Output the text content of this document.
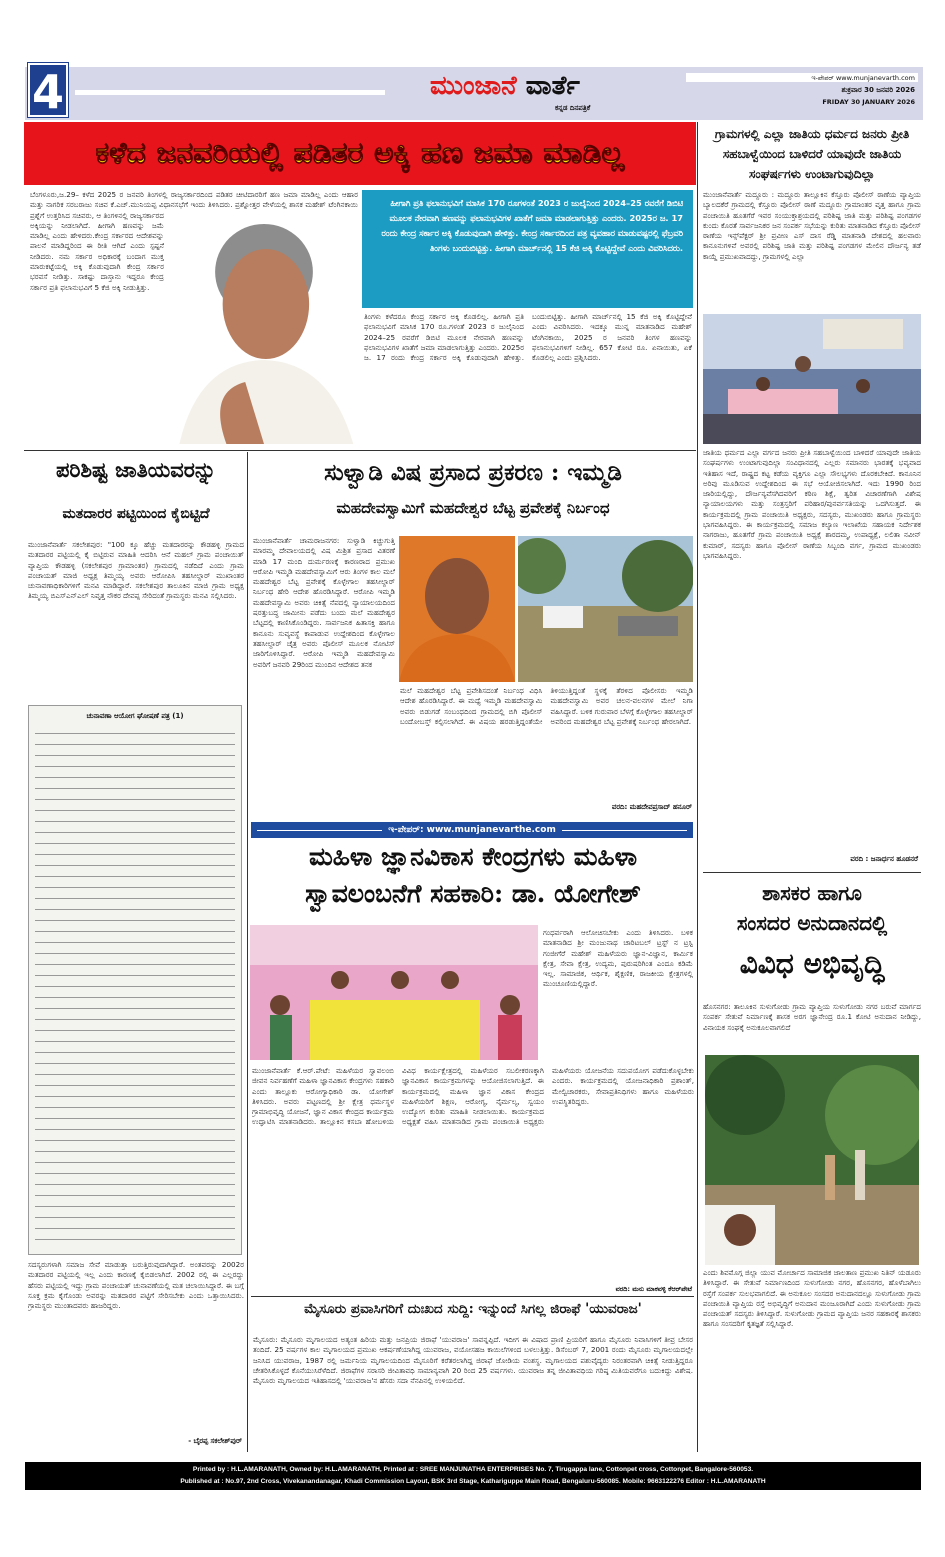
4	ಮುಂಜಾನೆ ವಾರ್ತೆ
ಕನ್ನಡ ದಿನಪತ್ರಿಕೆ
ಇ-ಪೇಪರ್ www.munjanevarth.com
ಶುಕ್ರವಾರ 30 ಜನವರಿ 2026
FRIDAY 30 JANUARY 2026
ಕಳೆದ ಜನವರಿಯಲ್ಲಿ ಪಡಿತರ ಅಕ್ಕಿ ಹಣ ಜಮಾ ಮಾಡಿಲ್ಲ
ಬೆಂಗಳೂರು,ಜ.29– ಕಳೆದ 2025 ರ ಜನವರಿ ತಿಂಗಳಲ್ಲಿ ರಾಜ್ಯಸರ್ಕಾರದಿಂದ ಪಡಿತರ ಚೀಟಿದಾರರಿಗೆ ಹಣ ಜಮಾ ಮಾಡಿಲ್ಲ ಎಂದು ಆಹಾರ ಮತ್ತು ನಾಗರಿಕ ಸರಬರಾಜು ಸಚಿವ ಕೆ.ಎಚ್.ಮುನಿಯಪ್ಪ ವಿಧಾನಸಭೆಗೆ ಇಂದು ತಿಳಿಸಿದರು. ಪ್ರಶ್ನೋತ್ತರ ವೇಳೆಯಲ್ಲಿ ಶಾಸಕ ಮಹೇಶ್ ಟೆಂಗಿನಕಾಯಿ ಪ್ರಶ್ನೆಗೆ ಉತ್ತರಿಸಿದ ಸಚಿವರು, ಆ ತಿಂಗಳಿನಲ್ಲಿ ರಾಜ್ಯಸರ್ಕಾರದ ಅಕ್ಕಿಯನ್ನು ನೀಡಲಾಗಿದೆ. ಹೀಗಾಗಿ ಹಣವನ್ನು ಜಮೆ ಮಾಡಿಲ್ಲ ಎಂದು ಹೇಳಿದರು.ಕೇಂದ್ರ ಸರ್ಕಾರದ ಆದೇಶವನ್ನು ಪಾಲನೆ ಮಾಡಿದ್ದರಿಂದ ಈ ರೀತಿ ಆಗಿದೆ ಎಂದು ಸ್ಪಷ್ಟನೆ ನೀಡಿದರು. ನಮ ಸರ್ಕಾರ ಅಧಿಕಾರಕ್ಕೆ ಬಂದಾಗ ಮುಕ್ತ ಮಾರುಕಟ್ಟೆಯಲ್ಲಿ ಅಕ್ಕಿ ಕೊಡುವುದಾಗಿ ಕೇಂದ್ರ ಸರ್ಕಾರ ಭರವಸೆ ನೀಡಿತ್ತು. ಸಾಕಷ್ಟು ದಾಸ್ತಾನು ಇದ್ದರೂ ಕೇಂದ್ರ ಸರ್ಕಾರ ಪ್ರತಿ ಫಲಾನುಭವಿಗೆ 5 ಕೆಜಿ ಅಕ್ಕಿ ನೀಡುತ್ತಿತ್ತು.
ಹೀಗಾಗಿ ಪ್ರತಿ ಫಲಾನುಭವಿಗೆ ಮಾಸಿಕ 170 ರೂಗಳಂತೆ 2023 ರ ಜುಲೈನಿಂದ 2024–25 ರವರೆಗೆ ಡಿಬಿಟಿ ಮೂಲಕ ನೇರವಾಗಿ ಹಣವನ್ನು ಫಲಾನುಭವಿಗಳ ಖಾತೆಗೆ ಜಮಾ ಮಾಡಲಾಗುತ್ತಿತ್ತು ಎಂದರು. 2025ರ ಜ. 17 ರಂದು ಕೇಂದ್ರ ಸರ್ಕಾರ ಅಕ್ಕಿ ಕೊಡುವುದಾಗಿ ಹೇಳಿತ್ತು. ಕೇಂದ್ರ ಸರ್ಕಾರದಿಂದ ಪತ್ರ ವ್ಯವಹಾರ ಮಾಡುವಷ್ಟರಲ್ಲಿ ಫೆಬ್ರವರಿ ತಿಂಗಳು ಬಂದುಬಿಟ್ಟಿತ್ತು. ಹೀಗಾಗಿ ಮಾರ್ಚ್‌ನಲ್ಲಿ 15 ಕೆಜಿ ಅಕ್ಕಿ ಕೊಟ್ಟಿದ್ದೇವೆ ಎಂದು ವಿವರಿಸಿದರು.
ತಿಂಗಳು ಕಳೆದರೂ ಕೇಂದ್ರ ಸರ್ಕಾರ ಅಕ್ಕಿ ಕೊಡಲಿಲ್ಲ. ಹೀಗಾಗಿ ಪ್ರತಿ ಫಲಾನುಭವಿಗೆ ಮಾಸಿಕ 170 ರೂ.ಗಳಂತೆ 2023 ರ ಜುಲೈನಿಂದ 2024–25 ರವರೆಗೆ ಡಿಬಿಟಿ ಮೂಲಕ ನೇರವಾಗಿ ಹಣವನ್ನು ಫಲಾನುಭವಿಗಳ ಖಾತೆಗೆ ಜಮಾ ಮಾಡಲಾಗುತ್ತಿತ್ತು ಎಂದರು. 2025ರ ಜ. 17 ರಂದು ಕೇಂದ್ರ ಸರ್ಕಾರ ಅಕ್ಕಿ ಕೊಡುವುದಾಗಿ ಹೇಳಿತ್ತು. ಬಂದುಬಿಟ್ಟಿತ್ತು. ಹೀಗಾಗಿ ಮಾರ್ಚ್‌ನಲ್ಲಿ 15 ಕೆಜಿ ಅಕ್ಕಿ ಕೊಟ್ಟಿದ್ದೇವೆ ಎಂದು ವಿವರಿಸಿದರು. ಇದಕ್ಕೂ ಮುನ್ನ ಮಾತನಾಡಿದ ಮಹೇಶ್ ಟೆಂಗಿನಕಾಯಿ, 2025 ರ ಜನವರಿ ತಿಂಗಳ ಹಣವನ್ನು ಫಲಾನುಭವಿಗಳಿಗೆ ನೀಡಿಲ್ಲ. 657 ಕೋಟಿ ರೂ. ಏನಾಯಿತು, ಏಕೆ ಕೊಡಲಿಲ್ಲ ಎಂದು ಪ್ರಶ್ನಿಸಿದರು.
ಗ್ರಾಮಗಳಲ್ಲಿ ಎಲ್ಲಾ ಜಾತಿಯ ಧರ್ಮದ ಜನರು ಪ್ರೀತಿ ಸಹಬಾಳ್ವೆಯಿಂದ ಬಾಳಿದರೆ ಯಾವುದೇ ಜಾತಿಯ ಸಂಘರ್ಷಗಳು ಉಂಟಾಗುವುದಿಲ್ಲಾ
ಮುಂಜಾನೆವಾರ್ತೆ ಮದ್ದೂರು : ಮದ್ದೂರು ತಾಲ್ಲೂಕಿನ ಕೆಸ್ತೂರು ಪೊಲೀಸ್ ಠಾಣೆಯ ವ್ಯಾಪ್ತಿಯ ಬ್ಯಾಲದಕೆರೆ ಗ್ರಾಮದಲ್ಲಿ ಕೆಸ್ತೂರು ಪೊಲೀಸ್ ಠಾಣೆ ಮದ್ದೂರು ಗ್ರಾಮಾಂತರ ವೃತ್ತ ಹಾಗೂ ಗ್ರಾಮ ಪಂಚಾಯಿತಿ ಹೂತಗೆರೆ ಇವರ ಸಂಯುಕ್ತಾಶ್ರಯದಲ್ಲಿ ಪರಿಶಿಷ್ಟ ಜಾತಿ ಮತ್ತು ಪರಿಶಿಷ್ಟ ಪಂಗಡಗಳ ಕುಂದು ಕೊರತೆ ಸಾರ್ವಜನಿಕರ ಜನ ಸಂಪರ್ಕ ಸಭೆಯನ್ನು ಕುರಿತು ಮಾತನಾಡಿದ ಕೆಸ್ತೂರು ಪೊಲೀಸ್ ಠಾಣೆಯ ಇನ್ಸ್‌ಪೆಕ್ಟರ್ ಶ್ರೀ ಪ್ರವೀಣ ಎಸ್ ದಾಸ ರೆಡ್ಡಿ ಮಾತನಾಡಿ ದೇಶದಲ್ಲಿ ಹಲವಾರು ಕಾನೂನುಗಳಿವೆ ಅವರಲ್ಲಿ ಪರಿಶಿಷ್ಟ ಜಾತಿ ಮತ್ತು ಪರಿಶಿಷ್ಟ ಪಂಗಡಗಳ ಮೇಲಿನ ದೌರ್ಜನ್ಯ ತಡೆ ಕಾಯ್ದೆ ಪ್ರಮುಖವಾದದ್ದು, ಗ್ರಾಮಗಳಲ್ಲಿ ಎಲ್ಲಾ
ಜಾತಿಯ ಧರ್ಮದ ಎಲ್ಲಾ ವರ್ಗದ ಜನರು ಪ್ರೀತಿ ಸಹಬಾಳ್ವೆಯಿಂದ ಬಾಳಿದರೆ ಯಾವುದೇ ಜಾತಿಯ ಸಂಘರ್ಷಗಳು ಉಂಟಾಗುವುದಿಲ್ಲಾ ಸಂವಿಧಾನದಲ್ಲಿ ಎಲ್ಲರು ಸಮಾನರು ಭಾರತಕ್ಕೆ ಭವ್ಯವಾದ ಇತಿಹಾಸ ಇದೆ, ರಾಷ್ಟ್ರದ ಕಟ್ಟ ಕಡೆಯ ವ್ಯಕ್ತಿಗೂ ಎಲ್ಲಾ ಸೌಲಭ್ಯಗಳು ದೊರಕಬೇಕಿದೆ. ಕಾನೂನಿನ ಅರಿವು ಮೂಡಿಸುವ ಉದ್ದೇಶದಿಂದ ಈ ಸಭೆ ಆಯೋಜಿಸಲಾಗಿದೆ. ಇದು 1990 ರಿಂದ ಜಾರಿಯಲ್ಲಿದ್ದು, ದೌರ್ಜನ್ಯವೆಸಗಿದವರಿಗೆ ಕಠಿಣ ಶಿಕ್ಷೆ, ತ್ವರಿತ ವಿಚಾರಣೆಗಾಗಿ ವಿಶೇಷ ನ್ಯಾಯಾಲಯಗಳು ಮತ್ತು ಸಂತ್ರಸ್ತರಿಗೆ ಪರಿಹಾರ/ಪುನರ್ವಸತಿಯನ್ನು ಒದಗಿಸುತ್ತದೆ. ಈ ಕಾರ್ಯಕ್ರಮದಲ್ಲಿ ಗ್ರಾಮ ಪಂಚಾಯಿತಿ ಅಧ್ಯಕ್ಷರು, ಸದಸ್ಯರು, ಮುಖಂಡರು ಹಾಗೂ ಗ್ರಾಮಸ್ಥರು ಭಾಗವಹಿಸಿದ್ದರು. ಈ ಕಾರ್ಯಕ್ರಮದಲ್ಲಿ ಸಮಾಜ ಕಲ್ಯಾಣ ಇಲಾಖೆಯ ಸಹಾಯಕ ನಿರ್ದೇಶಕ ನಾಗರಾಜು, ಹೂತಗೆರೆ ಗ್ರಾಮ ಪಂಚಾಯಿತಿ ಅಧ್ಯಕ್ಷೆ ಶಾರದಮ್ಮ, ಉಪಾಧ್ಯಕ್ಷೆ, ಲಲಿತಾ ನವೀನ್ ಕುಮಾರ್, ಸದಸ್ಯರು ಹಾಗೂ ಪೊಲೀಸ್ ಠಾಣೆಯ ಸಿಬ್ಬಂದಿ ವರ್ಗ, ಗ್ರಾಮದ ಮುಖಂಡರು ಭಾಗವಹಿಸಿದ್ದರು.
ವರದಿ : ಜನಾರ್ಧನ ಹೂಡನರೆ
ಶಾಸಕರ ಹಾಗೂ
ಸಂಸದರ ಅನುದಾನದಲ್ಲಿ
ವಿವಿಧ ಅಭಿವೃದ್ಧಿ
ಹೊಸನಗರ: ತಾಲೂಕಿನ ಸುಳುಗೋಡು ಗ್ರಾಮ ವ್ಯಾಪ್ತಿಯ ಸುಳುಗೋಡು ನಗರ ಬರುವೆ ಮಾರ್ಗದ ಸಂಪರ್ಕ ಸೇತುವೆ ನಿರ್ಮಾಣಕ್ಕೆ ಶಾಸಕ ಅರಗ ಜ್ಞಾನೇಂದ್ರ ರೂ.1 ಕೋಟಿ ಅನುದಾನ ನೀಡಿದ್ದು, ವಿನಾಯಕ ಸಂಘಕ್ಕೆ ಅನುಕೂಲವಾಗಲಿದೆ
ಎಂದು ಶಿವಮೊಗ್ಗ ಜಿಲ್ಲಾ ಯುವ ಮೋರ್ಚಾದ ಸಾಮಾಜಿಕ ಜಾಲತಾಣ ಪ್ರಮುಖ ನಿತಿನ್ ಯಡೂರು ತಿಳಿಸಿದ್ದಾರೆ. ಈ ಸೇತುವೆ ನಿರ್ಮಾಣದಿಂದ ಸುಳುಗೋಡು ನಗರ, ಹೊಸನಗರ, ಹೊಳೆಬಾಗಿಲು ರಸ್ತೆಗೆ ಸಂಪರ್ಕ ಸುಲಭವಾಗಲಿದೆ. ಈ ಅನುಕೂಲ ಸಂಸದರ ಅನುದಾನದಲ್ಲೂ ಸುಳುಗೋಡು ಗ್ರಾಮ ಪಂಚಾಯಿತಿ ವ್ಯಾಪ್ತಿಯ ರಸ್ತೆ ಅಭಿವೃದ್ಧಿಗೆ ಅನುದಾನ ಮಂಜೂರಾಗಿದೆ ಎಂದು ಸುಳುಗೋಡು ಗ್ರಾಮ ಪಂಚಾಯತ್ ಸದಸ್ಯರು ತಿಳಿಸಿದ್ದಾರೆ. ಸುಳುಗೋಡು ಗ್ರಾಮದ ವ್ಯಾಪ್ತಿಯ ಜನರ ಸಹಕಾರಕ್ಕೆ ಶಾಸಕರು ಹಾಗೂ ಸಂಸದರಿಗೆ ಕೃತಜ್ಞತೆ ಸಲ್ಲಿಸಿದ್ದಾರೆ.
ಪರಿಶಿಷ್ಟ ಜಾತಿಯವರನ್ನು
ಮತದಾರರ ಪಟ್ಟಿಯಿಂದ ಕೈಬಿಟ್ಟಿದೆ
ಮುಂಜಾನೆವಾರ್ತೆ ಸಕಲೇಶಪುರ: "100 ಕ್ಕೂ ಹೆಚ್ಚು ಮತದಾರರನ್ನು ಕೌಡಹಳ್ಳಿ ಗ್ರಾಮದ ಮತದಾರರ ಪಟ್ಟಿಯಲ್ಲಿ ಕೈ ಬಿಟ್ಟಿರುವ ಮಾಹಿತಿ ಆದರಿಸಿ ಆನೆ ಮಹಲ್ ಗ್ರಾಮ ಪಂಚಾಯಿತ್ ವ್ಯಾಪ್ತಿಯ ಕೌಡಹಳ್ಳಿ (ಸಕಲೇಶಪುರ ಗ್ರಾಮಾಂತರ) ಗ್ರಾಮದಲ್ಲಿ ನಡೆದಿದೆ ಎಂದು ಗ್ರಾಮ ಪಂಚಾಯತ್ ಮಾಜಿ ಅಧ್ಯಕ್ಷ ತಿಮ್ಮಯ್ಯ ಅವರು ಆರೋಪಿಸಿ ತಹಸೀಲ್ದಾರ್ ಮುಖಾಂತರ ಚುನಾವಣಾಧಿಕಾರಿಗಳಿಗೆ ಮನವಿ ಮಾಡಿದ್ದಾರೆ. ಸಕಲೇಶಪುರ ತಾಲೂಕಿನ ಮಾಜಿ ಗ್ರಾಮ ಅಧ್ಯಕ್ಷ ತಿಮ್ಮಯ್ಯ ಬಿಎಸ್ಎನ್ಎಲ್ ನಿವೃತ್ತ ನೌಕರ ದೇವಪ್ಪ ಸೇರಿದಂತೆ ಗ್ರಾಮಸ್ಥರು ಮನವಿ ಸಲ್ಲಿಸಿದರು.
ಚುನಾವಣಾ ಆಯೋಗ ಘೋಷಣೆ ಪತ್ರ (1)
ಸದಸ್ಯರುಗಳಾಗಿ ಸಮಾಜ ಸೇವೆ ಮಾಡುತ್ತಾ ಬರುತ್ತಿರುವುದಾಗಿದ್ದಾರೆ. ಅಂತವರನ್ನು 2002ರ ಮತದಾರರ ಪಟ್ಟಿಯಲ್ಲಿ ಇಲ್ಲ ಎಂದು ಕಾರಣಕ್ಕೆ ಕೈಬಿಡಲಾಗಿದೆ. 2002 ರಲ್ಲಿ ಈ ಎಲ್ಲರದ್ದು ಹೆಸರು ಪಟ್ಟಿಯಲ್ಲಿ ಇದ್ದು ಗ್ರಾಮ ಪಂಚಾಯತ್ ಚುನಾವಣೆಯಲ್ಲಿ ಮತ ಚಲಾಯಿಸಿದ್ದಾರೆ. ಈ ಬಗ್ಗೆ ಸೂಕ್ತ ಕ್ರಮ ಕೈಗೊಂಡು ಅವರನ್ನು ಮತದಾರರ ಪಟ್ಟಿಗೆ ಸೇರಿಸಬೇಕು ಎಂದು ಒತ್ತಾಯಿಸಿದರು. ಗ್ರಾಮಸ್ಥರು ಮುಂತಾದವರು ಹಾಜರಿದ್ದರು.
- ಬೈರಪ್ಪ ಸಕಲೇಶ್‌ಪುರ್
ಸುಳ್ವಾಡಿ ವಿಷ ಪ್ರಸಾದ ಪ್ರಕರಣ : ಇಮ್ಮಡಿ
ಮಹದೇವಸ್ವಾಮಿಗೆ ಮಹದೇಶ್ವರ ಬೆಟ್ಟ ಪ್ರವೇಶಕ್ಕೆ ನಿರ್ಬಂಧ
ಮುಂಜಾನೆವಾರ್ತೆ ಚಾಮರಾಜನಗರ: ಸುಳ್ವಾಡಿ ಕಿಚ್ಚುಗುತ್ತಿ ಮಾರಮ್ಮ ದೇವಾಲಯದಲ್ಲಿ ವಿಷ ಮಿಶ್ರಿತ ಪ್ರಸಾದ ವಿತರಣೆ ಮಾಡಿ 17 ಮಂದಿ ದುರ್ಮರಣಕ್ಕೆ ಕಾರಣರಾದ ಪ್ರಮುಖ ಆರೋಪಿ ಇಮ್ಮಡಿ ಮಹದೇವಸ್ವಾಮಿಗೆ ಆರು ತಿಂಗಳ ಕಾಲ ಮಲೆ ಮಹದೇಶ್ವರ ಬೆಟ್ಟ ಪ್ರವೇಶಕ್ಕೆ ಕೊಳ್ಳೇಗಾಲ ತಹಸೀಲ್ದಾರ್ ನಿರ್ಬಂಧ ಹೇರಿ ಆದೇಶ ಹೊರಡಿಸಿದ್ದಾರೆ. ಆರೋಪಿ ಇಮ್ಮಡಿ ಮಹದೇವಸ್ವಾಮಿ ಅವರು ಚಿಕಿತ್ಸೆ ನೆಪದಲ್ಲಿ ನ್ಯಾಯಾಲಯದಿಂದ ಷರತ್ತುಬದ್ಧ ಜಾಮೀನು ಪಡೆದು ಬಂದು ಮಲೆ ಮಹದೇಶ್ವರ ಬೆಟ್ಟದಲ್ಲಿ ಕಾಣಿಸಿಕೊಂಡಿದ್ದರು. ಸಾರ್ವಜನಿಕ ಹಿತಾಸಕ್ತಿ ಹಾಗೂ ಕಾನೂನು ಸುವ್ಯವಸ್ಥೆ ಕಾಪಾಡುವ ಉದ್ದೇಶದಿಂದ ಕೊಳ್ಳೇಗಾಲ ತಹಸೀಲ್ದಾರ್ ಚೈತ್ರ ಅವರು ಪೊಲೀಸ್ ಮೂಲಕ ನೋಟಿಸ್ ಜಾರಿಗೊಳಿಸಿದ್ದಾರೆ. ಆರೋಪಿ ಇಮ್ಮಡಿ ಮಹದೇವಸ್ವಾಮಿ ಅವರಿಗೆ ಜನವರಿ 29ರಿಂದ ಮುಂದಿನ ಆದೇಶದ ತನಕ
ಮಲೆ ಮಹದೇಶ್ವರ ಬೆಟ್ಟ ಪ್ರವೇಶಿಸದಂತೆ ನಿರ್ಬಂಧ ವಿಧಿಸಿ ಆದೇಶ ಹೊರಡಿಸಿದ್ದಾರೆ. ಈ ಮಧ್ಯೆ ಇಮ್ಮಡಿ ಮಹದೇವಸ್ವಾಮಿ ಅವರು ಬಿಡುಗಡೆ ಸಂಬಂಧದಿಂದ ಗ್ರಾಮದಲ್ಲಿ ಬಿಗಿ ಪೊಲೀಸ್ ಬಂದೋಬಸ್ತ್ ಕಲ್ಪಿಸಲಾಗಿದೆ. ಈ ವಿಷಯ ಹರಡುತ್ತಿದ್ದಂತೆಯೇ ತಿಳಿಯುತ್ತಿದ್ದಂತೆ ಸ್ಥಳಕ್ಕೆ ತೆರಳಿದ ಪೊಲೀಸರು ಇಮ್ಮಡಿ ಮಹದೇವಸ್ವಾಮಿ ಅವರ ಚಲನ-ವಲನಗಳ ಮೇಲೆ ನಿಗಾ ವಹಿಸಿದ್ದಾರೆ. ಬಳಿಕ ಗುರುವಾರ ಬೆಳಗ್ಗೆ ಕೊಳ್ಳೇಗಾಲ ತಹಸೀಲ್ದಾರ್ ಅವರಿಂದ ಮಹದೇಶ್ವರ ಬೆಟ್ಟ ಪ್ರವೇಶಕ್ಕೆ ನಿರ್ಬಂಧ ಹೇರಲಾಗಿದೆ.
ವರದಿ: ಮಹದೇವಪ್ರಸಾದ್ ಹನೂರ್
ಇ-ಪೇಪರ್: www.munjanevarthe.com
ಮಹಿಳಾ ಜ್ಞಾನವಿಕಾಸ ಕೇಂದ್ರಗಳು ಮಹಿಳಾ
ಸ್ವಾವಲಂಬನೆಗೆ ಸಹಕಾರಿ: ಡಾ. ಯೋಗೇಶ್
ಗಂಧರ್ವರಾಗಿ ಆಲೋಚಿಸಬೇಕು ಎಂದು ತಿಳಿಸಿದರು. ಬಳಿಕ ಮಾತನಾಡಿದ ಶ್ರೀ ಮಂಜುನಾಥ ಚಾರಿಟಬಲ್ ಟ್ರಸ್ಟ್ ನ ಟ್ರಸ್ಟಿ ಗಂಜೀಗೆರೆ ಮಹೇಶ್ ಮಹಿಳೆಯರು ಜ್ಞಾನ-ವಿಜ್ಞಾನ, ಕಾರ್ಮಿಕ ಕ್ಷೇತ್ರ, ಸೇವಾ ಕ್ಷೇತ್ರ, ಉದ್ಯಮ, ಪುರುಷರಿಗಿಂತ ಎಂದೂ ಕಡಿಮೆ ಇಲ್ಲ. ಸಾಮಾಜಿಕ, ಆರ್ಥಿಕ, ಶೈಕ್ಷಣಿಕ, ರಾಜಕೀಯ ಕ್ಷೇತ್ರಗಳಲ್ಲಿ ಮುಂಚೂಣಿಯಲ್ಲಿದ್ದಾರೆ.
ಮುಂಜಾನೆವಾರ್ತೆ ಕೆ.ಆರ್.ಪೇಟೆ: ಮಹಿಳೆಯರ ಸ್ವಾವಲಂಬಿ ಜೀವನ ನಿರ್ವಹಣೆಗೆ ಮಹಿಳಾ ಜ್ಞಾನವಿಕಾಸ ಕೇಂದ್ರಗಳು ಸಹಕಾರಿ ಎಂದು ತಾಲ್ಲೂಕು ಆರೋಗ್ಯಾಧಿಕಾರಿ ಡಾ. ಯೋಗೇಶ್ ತಿಳಿಸಿದರು. ಅವರು ಪಟ್ಟಣದಲ್ಲಿ ಶ್ರೀ ಕ್ಷೇತ್ರ ಧರ್ಮಸ್ಥಳ ಗ್ರಾಮಾಭಿವೃದ್ಧಿ ಯೋಜನೆ, ಜ್ಞಾನ ವಿಕಾಸ ಕೇಂದ್ರದ ಕಾರ್ಯಕ್ರಮ ಉದ್ಘಾಟಿಸಿ ಮಾತನಾಡಿದರು. ತಾಲ್ಲೂಕಿನ ಕಸಬಾ ಹೋಬಳಿಯ ವಿವಿಧ ಕಾರ್ಯಕ್ಷೇತ್ರದಲ್ಲಿ ಮಹಿಳೆಯರ ಸಬಲೀಕರಣಕ್ಕಾಗಿ ಜ್ಞಾನವಿಕಾಸ ಕಾರ್ಯಕ್ರಮಗಳನ್ನು ಆಯೋಜಿಸಲಾಗುತ್ತಿದೆ. ಈ ಕಾರ್ಯಕ್ರಮದಲ್ಲಿ ಮಹಿಳಾ ಜ್ಞಾನ ವಿಕಾಸ ಕೇಂದ್ರದ ಮಹಿಳೆಯರಿಗೆ ಶಿಕ್ಷಣ, ಆರೋಗ್ಯ, ನೈರ್ಮಲ್ಯ, ಸ್ವಯಂ ಉದ್ಯೋಗ ಕುರಿತು ಮಾಹಿತಿ ನೀಡಲಾಯಿತು. ಕಾರ್ಯಕ್ರಮದ ಅಧ್ಯಕ್ಷತೆ ವಹಿಸಿ ಮಾತನಾಡಿದ ಗ್ರಾಮ ಪಂಚಾಯಿತಿ ಅಧ್ಯಕ್ಷರು ಮಹಿಳೆಯರು ಯೋಜನೆಯ ಸದುಪಯೋಗ ಪಡೆದುಕೊಳ್ಳಬೇಕು ಎಂದರು. ಕಾರ್ಯಕ್ರಮದಲ್ಲಿ ಯೋಜನಾಧಿಕಾರಿ ಪ್ರಶಾಂತ್, ಮೇಲ್ವಿಚಾರಕರು, ಸೇವಾಪ್ರತಿನಿಧಿಗಳು ಹಾಗೂ ಮಹಿಳೆಯರು ಉಪಸ್ಥಿತರಿದ್ದರು.
ವರದಿ: ಮನು ಮಾಕವಳ್ಳಿ ಕೆಆರ್‌ಪೇಟೆ
ಮೈಸೂರು ಪ್ರವಾಸಿಗರಿಗೆ ದುಃಖದ ಸುದ್ದಿ: ಇನ್ನುಂದೆ ಸಿಗಲ್ಲ ಜಿರಾಫೆ 'ಯುವರಾಜ'
ಮೈಸೂರು: ಮೈಸೂರು ಮೃಗಾಲಯದ ಅತ್ಯಂತ ಹಿರಿಯ ಮತ್ತು ಜನಪ್ರಿಯ ಜಿರಾಫೆ 'ಯುವರಾಜ' ಸಾವನ್ನಪ್ಪಿದೆ. ಇದೀಗ ಈ ವಿಷಾದ ಪ್ರಾಣಿ ಪ್ರಿಯರಿಗೆ ಹಾಗೂ ಮೈಸೂರು ನಿವಾಸಿಗಳಿಗೆ ತೀವ್ರ ಬೇಸರ ತಂದಿದೆ. 25 ವರ್ಷಗಳ ಕಾಲ ಮೃಗಾಲಯದ ಪ್ರಮುಖ ಆಕರ್ಷಣೆಯಾಗಿದ್ದ ಯುವರಾಜ, ವಯೋಸಹಜ ಕಾಯಿಲೆಗಳಿಂದ ಬಳಲುತ್ತಿತ್ತು. ಡಿಸೆಂಬರ್ 7, 2001 ರಂದು ಮೈಸೂರು ಮೃಗಾಲಯದಲ್ಲೇ ಜನಿಸಿದ ಯುವರಾಜ, 1987 ರಲ್ಲಿ ಜರ್ಮನಿಯ ಮೃಗಾಲಯದಿಂದ ಮೈಸೂರಿಗೆ ಕರೆತರಲಾಗಿದ್ದ ಜಿರಾಫೆ ಜೋಡಿಯ ವಂಶಸ್ಥ. ಮೃಗಾಲಯದ ಪಶುವೈದ್ಯರು ನಿರಂತರವಾಗಿ ಚಿಕಿತ್ಸೆ ನೀಡುತ್ತಿದ್ದರೂ ಚೇತರಿಸಿಕೊಳ್ಳದೆ ಕೊನೆಯುಸಿರೆಳೆದಿದೆ. ಜಿರಾಫೆಗಳ ಸರಾಸರಿ ಜೀವಿತಾವಧಿ ಸಾಮಾನ್ಯವಾಗಿ 20 ರಿಂದ 25 ವರ್ಷಗಳು. ಯುವರಾಜ ತನ್ನ ಜೀವಿತಾವಧಿಯ ಗರಿಷ್ಠ ಮಿತಿಯವರೆಗೂ ಬದುಕಿದ್ದು ವಿಶೇಷ. ಮೈಸೂರು ಮೃಗಾಲಯದ ಇತಿಹಾಸದಲ್ಲಿ 'ಯುವರಾಜ'ನ ಹೆಸರು ಸದಾ ನೆನಪಿನಲ್ಲಿ ಉಳಿಯಲಿದೆ.
Printed by : H.L.AMARANATH, Owned by: H.L.AMARANATH, Printed at : SREE MANJUNATHA ENTERPRISES No. 7, Tirugappa lane, Cottonpet cross, Cottonpet, Bangalore-560053.
Published at : No.97, 2nd Cross, Vivekanandanagar, Khadi Commission Layout, BSK 3rd Stage, Kathariguppe Main Road, Bengaluru-560085. Mobile: 9663122276 Editor : H.L.AMARANATH
